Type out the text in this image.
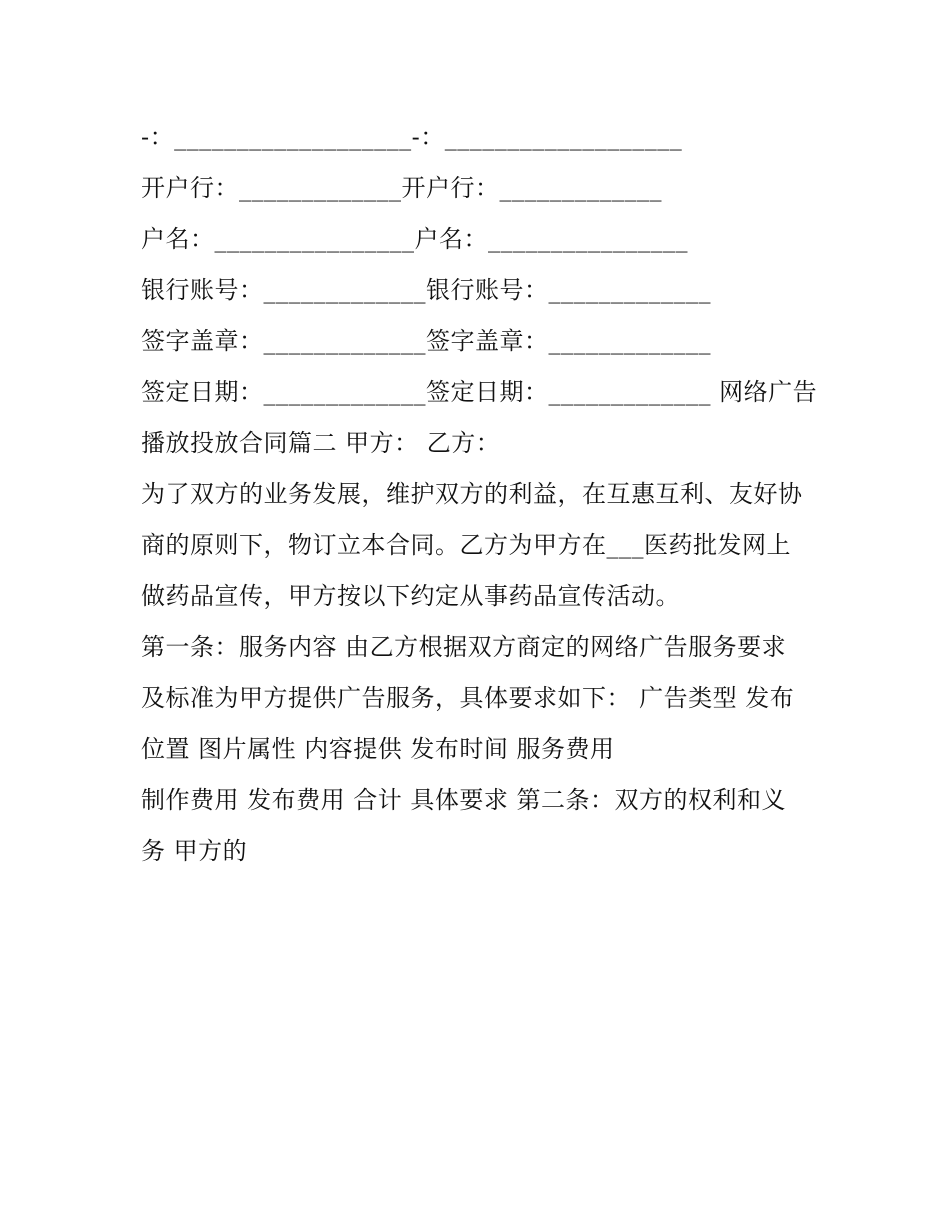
-：___________________-：___________________
开户行：_____________开户行：_____________
户名：________________户名：________________
银行账号：_____________银行账号：_____________
签字盖章：_____________签字盖章：_____________
签定日期：_____________签定日期：_____________ 网络广告
播放投放合同篇二 甲方： 乙方：
为了双方的业务发展，维护双方的利益，在互惠互利、友好协
商的原则下，物订立本合同。乙方为甲方在___医药批发网上
做药品宣传，甲方按以下约定从事药品宣传活动。
第一条：服务内容 由乙方根据双方商定的网络广告服务要求
及标准为甲方提供广告服务，具体要求如下： 广告类型 发布
位置 图片属性 内容提供 发布时间 服务费用
制作费用 发布费用 合计 具体要求 第二条：双方的权利和义
务 甲方的
